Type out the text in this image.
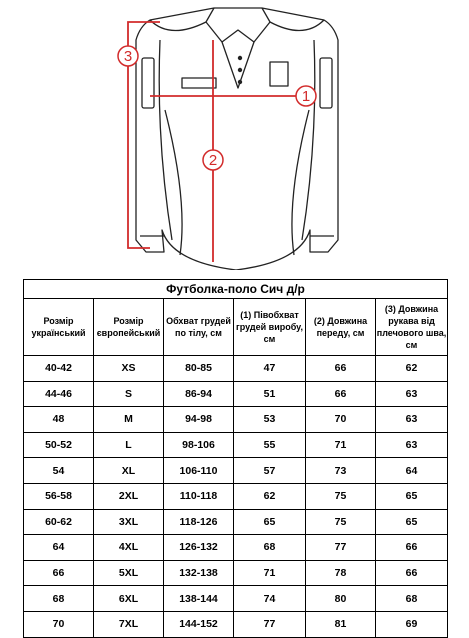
1
2
3
Футболка-поло Сич д/р					
Розмір український	Розмір європейський	Обхват грудей по тілу, см	(1) Півобхват грудей виробу, см	(2) Довжина переду, см	(3) Довжина рукава від плечового шва, см
40-42	XS	80-85	47	66	62
44-46	S	86-94	51	66	63
48	M	94-98	53	70	63
50-52	L	98-106	55	71	63
54	XL	106-110	57	73	64
56-58	2XL	110-118	62	75	65
60-62	3XL	118-126	65	75	65
64	4XL	126-132	68	77	66
66	5XL	132-138	71	78	66
68	6XL	138-144	74	80	68
70	7XL	144-152	77	81	69
